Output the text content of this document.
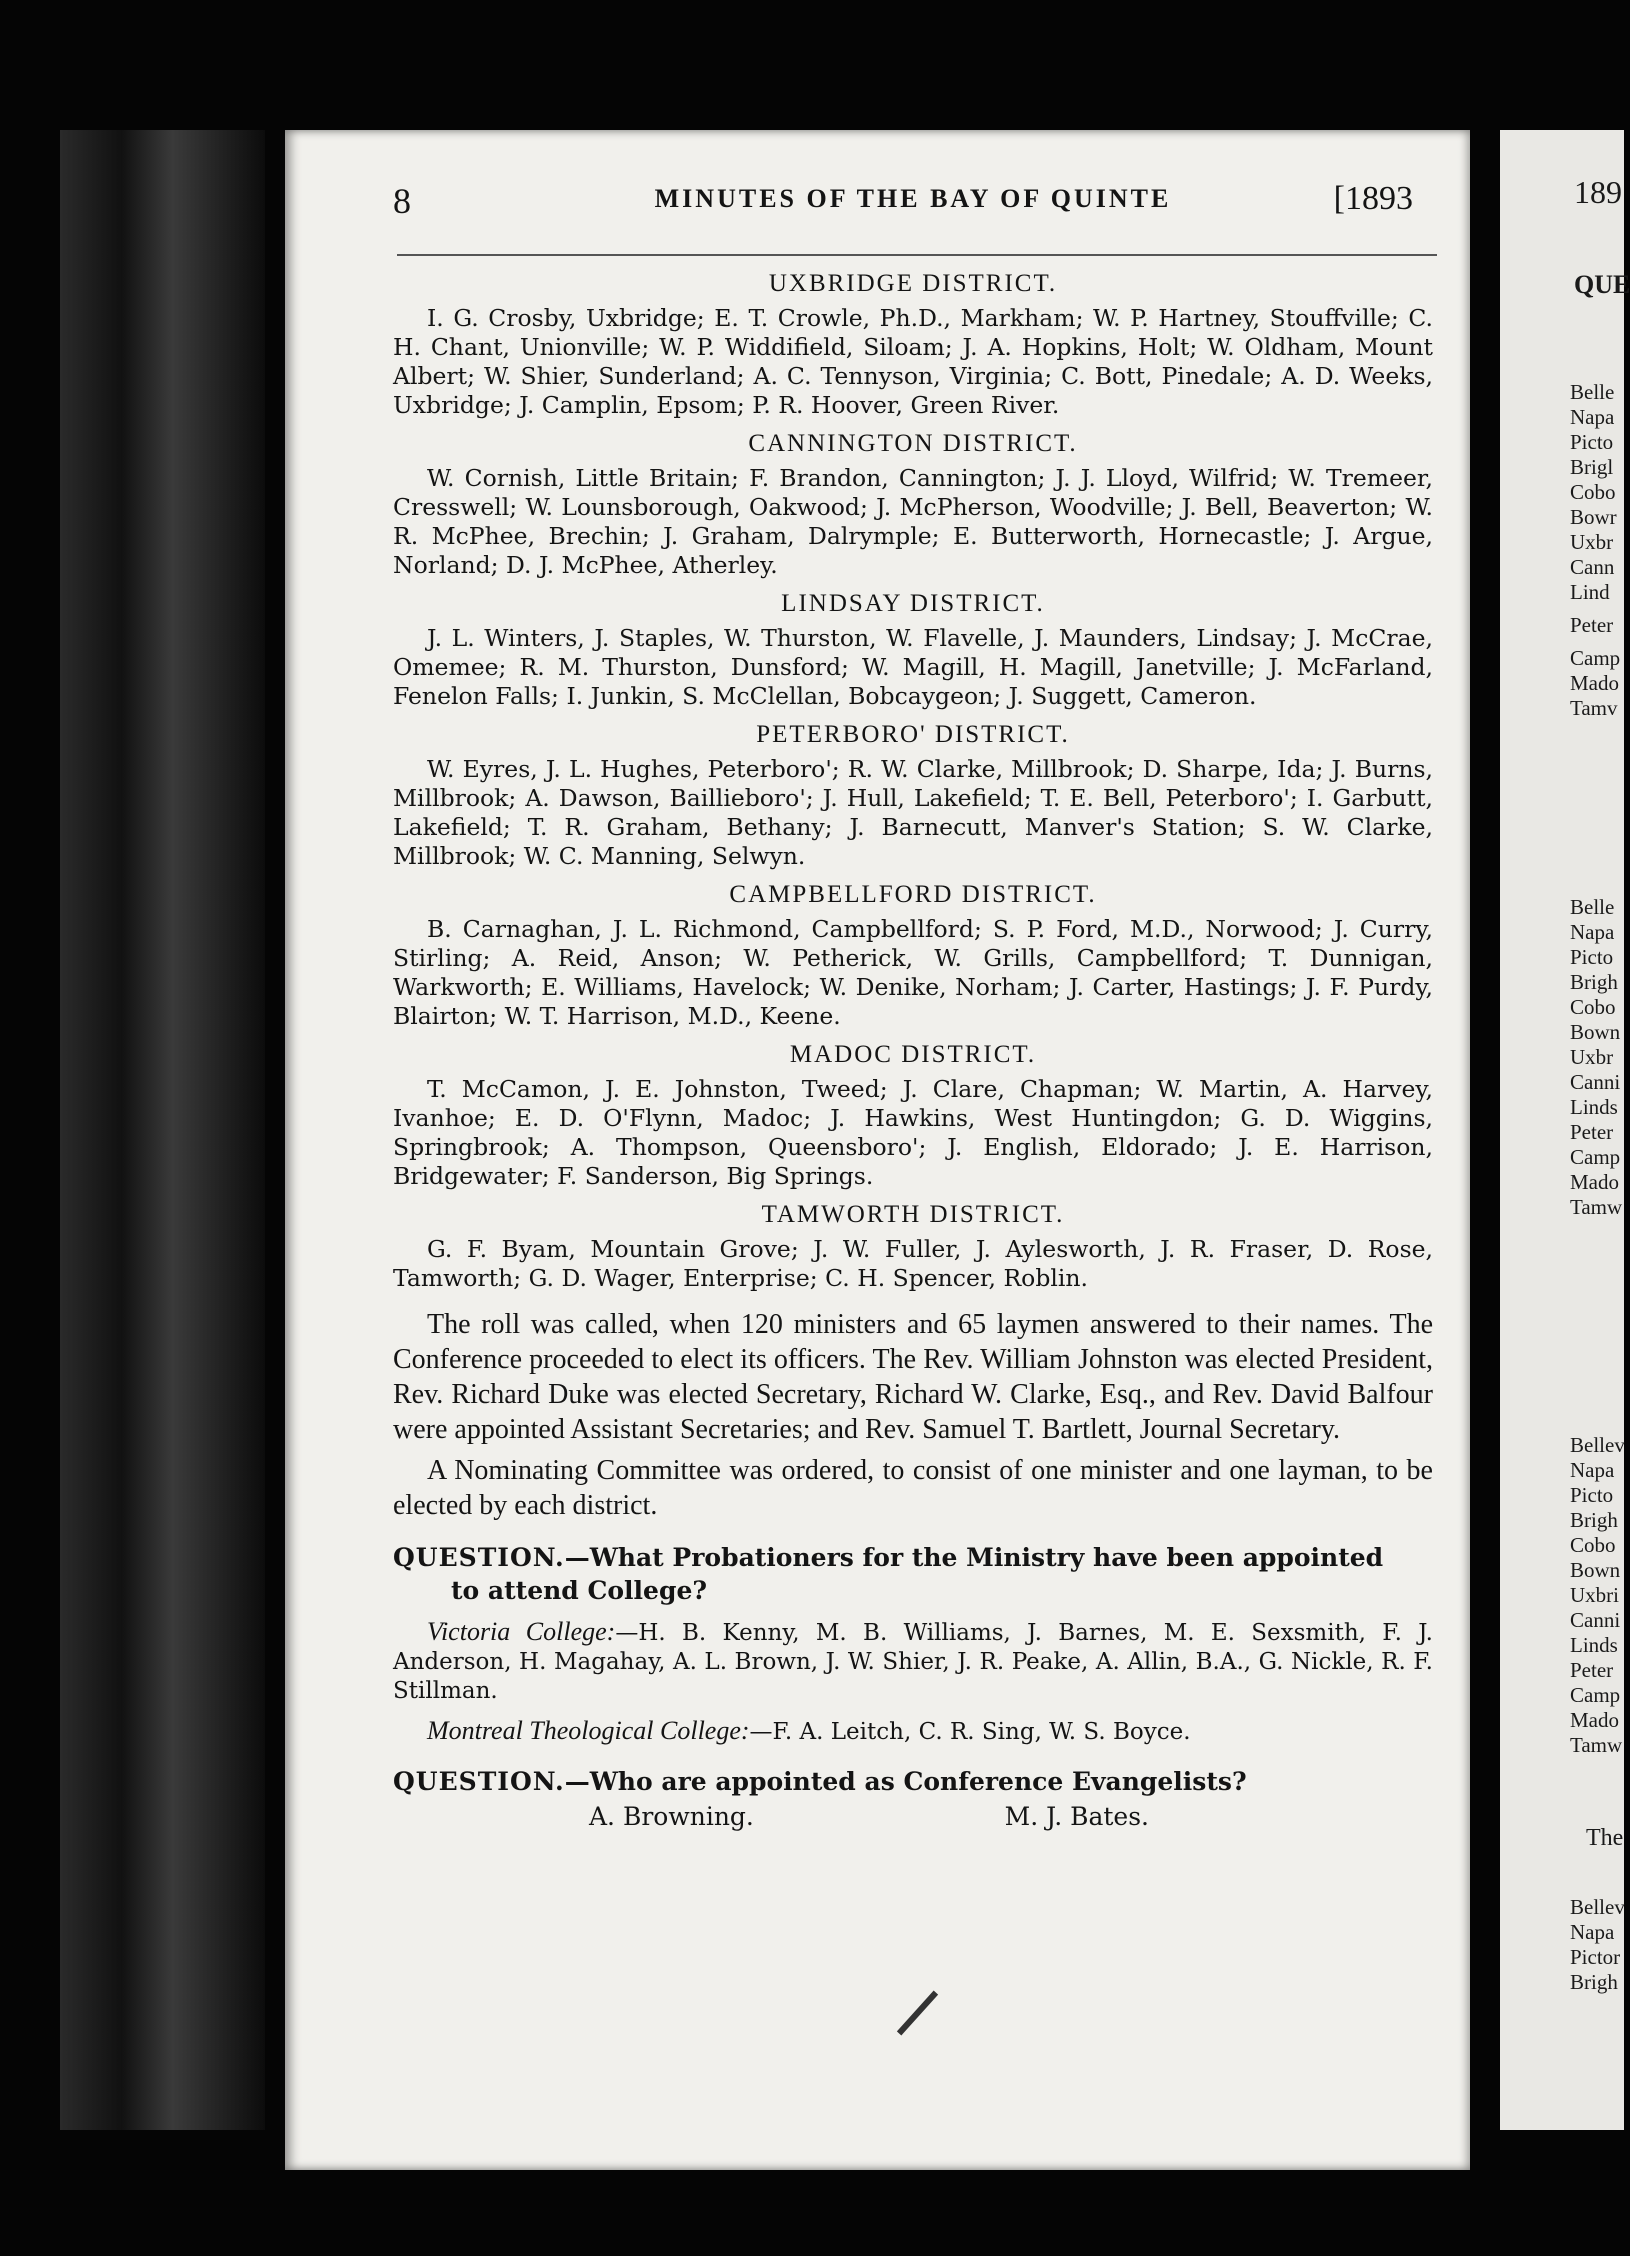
8	MINUTES OF THE BAY OF QUINTE	[1893
UXBRIDGE DISTRICT.
I. G. Crosby, Uxbridge; E. T. Crowle, Ph.D., Markham; W. P. Hartney, Stouffville; C. H. Chant, Unionville; W. P. Widdifield, Siloam; J. A. Hopkins, Holt; W. Oldham, Mount Albert; W. Shier, Sunderland; A. C. Tennyson, Virginia; C. Bott, Pinedale; A. D. Weeks, Uxbridge; J. Camplin, Epsom; P. R. Hoover, Green River.
CANNINGTON DISTRICT.
W. Cornish, Little Britain; F. Brandon, Cannington; J. J. Lloyd, Wilfrid; W. Tremeer, Cresswell; W. Lounsborough, Oakwood; J. McPherson, Woodville; J. Bell, Beaverton; W. R. McPhee, Brechin; J. Graham, Dalrymple; E. Butterworth, Hornecastle; J. Argue, Norland; D. J. McPhee, Atherley.
LINDSAY DISTRICT.
J. L. Winters, J. Staples, W. Thurston, W. Flavelle, J. Maunders, Lindsay; J. McCrae, Omemee; R. M. Thurston, Dunsford; W. Magill, H. Magill, Janetville; J. McFarland, Fenelon Falls; I. Junkin, S. McClellan, Bobcaygeon; J. Suggett, Cameron.
PETERBORO' DISTRICT.
W. Eyres, J. L. Hughes, Peterboro'; R. W. Clarke, Millbrook; D. Sharpe, Ida; J. Burns, Millbrook; A. Dawson, Baillieboro'; J. Hull, Lakefield; T. E. Bell, Peterboro'; I. Garbutt, Lakefield; T. R. Graham, Bethany; J. Barnecutt, Manver's Station; S. W. Clarke, Millbrook; W. C. Manning, Selwyn.
CAMPBELLFORD DISTRICT.
B. Carnaghan, J. L. Richmond, Campbellford; S. P. Ford, M.D., Norwood; J. Curry, Stirling; A. Reid, Anson; W. Petherick, W. Grills, Campbellford; T. Dunnigan, Warkworth; E. Williams, Havelock; W. Denike, Norham; J. Carter, Hastings; J. F. Purdy, Blairton; W. T. Harrison, M.D., Keene.
MADOC DISTRICT.
T. McCamon, J. E. Johnston, Tweed; J. Clare, Chapman; W. Martin, A. Harvey, Ivanhoe; E. D. O'Flynn, Madoc; J. Hawkins, West Huntingdon; G. D. Wiggins, Springbrook; A. Thompson, Queensboro'; J. English, Eldorado; J. E. Harrison, Bridgewater; F. Sanderson, Big Springs.
TAMWORTH DISTRICT.
G. F. Byam, Mountain Grove; J. W. Fuller, J. Aylesworth, J. R. Fraser, D. Rose, Tamworth; G. D. Wager, Enterprise; C. H. Spencer, Roblin.

The roll was called, when 120 ministers and 65 laymen answered to their names. The Conference proceeded to elect its officers. The Rev. William Johnston was elected President, Rev. Richard Duke was elected Secretary, Richard W. Clarke, Esq., and Rev. David Balfour were appointed Assistant Secretaries; and Rev. Samuel T. Bartlett, Journal Secretary.

A Nominating Committee was ordered, to consist of one minister and one layman, to be elected by each district.

QUESTION.—What Probationers for the Ministry have been appointed
to attend College?
Victoria College:—H. B. Kenny, M. B. Williams, J. Barnes, M. E. Sexsmith, F. J. Anderson, H. Magahay, A. L. Brown, J. W. Shier, J. R. Peake, A. Allin, B.A., G. Nickle, R. F. Stillman.
Montreal Theological College:—F. A. Leitch, C. R. Sing, W. S. Boyce.
QUESTION.—Who are appointed as Conference Evangelists?
A. Browning.	M. J. Bates.
189
QUE
Belle
Napa
Picto
Brigl
Cobo
Bowr
Uxbr
Cann
Lind
Peter
Camp
Mado
Tamv
Belle
Napa
Picto
Brigh
Cobo
Bown
Uxbr
Canni
Linds
Peter
Camp
Mado
Tamw
Bellev
Napa
Picto
Brigh
Cobo
Bown
Uxbri
Canni
Linds
Peter
Camp
Mado
Tamw
The
Bellev
Napa
Pictor
Brigh
